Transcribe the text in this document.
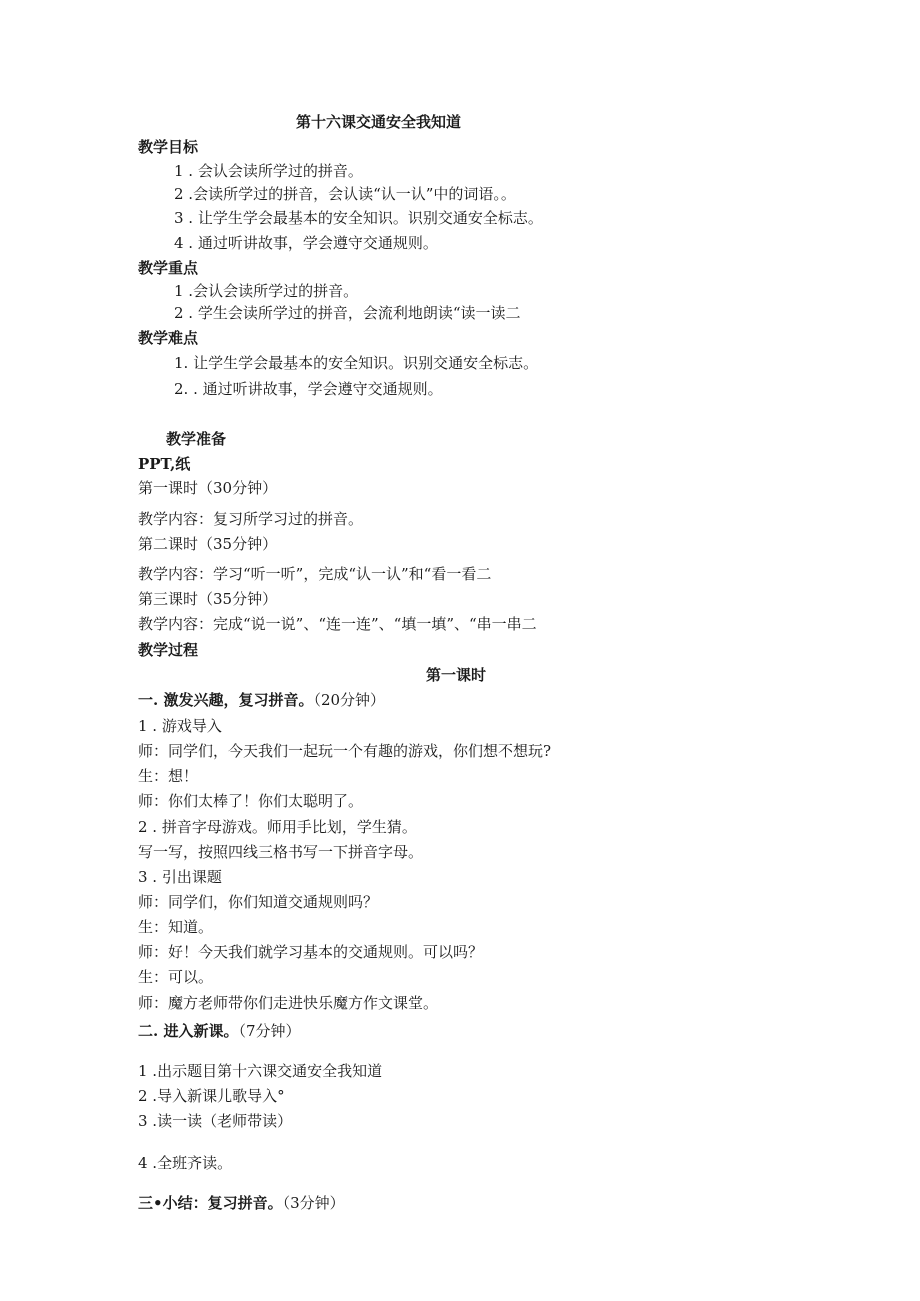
第十六课交通安全我知道
教学目标
1 . 会认会读所学过的拼音。
2 .会读所学过的拼音，会认读“认一认”中的词语。。
3 . 让学生学会最基本的安全知识。识别交通安全标志。
4 . 通过听讲故事，学会遵守交通规则。
教学重点
1 .会认会读所学过的拼音。
2 . 学生会读所学过的拼音，会流利地朗读“读一读二
教学难点
1. 让学生学会最基本的安全知识。识别交通安全标志。
2. . 通过听讲故事，学会遵守交通规则。
教学准备
PPT,纸
第一课时（30分钟）
教学内容：复习所学习过的拼音。
第二课时（35分钟）
教学内容：学习“听一听”，完成“认一认”和“看一看二
第三课时（35分钟）
教学内容：完成“说一说”、“连一连”、“填一填”、“串一串二
教学过程
第一课时
一. 激发兴趣，复习拼音。（20分钟）
1 . 游戏导入
师：同学们，今天我们一起玩一个有趣的游戏，你们想不想玩?
生：想！
师：你们太棒了！你们太聪明了。
2 . 拼音字母游戏。师用手比划，学生猜。
写一写，按照四线三格书写一下拼音字母。
3 . 引出课题
师：同学们，你们知道交通规则吗？
生：知道。
师：好！今天我们就学习基本的交通规则。可以吗？
生：可以。
师：魔方老师带你们走进快乐魔方作文课堂。
二. 进入新课。（7分钟）
1 .出示题目第十六课交通安全我知道
2 .导入新课儿歌导入°
3 .读一读（老师带读）
4 .全班齐读。
三•小结：复习拼音。（3分钟）
